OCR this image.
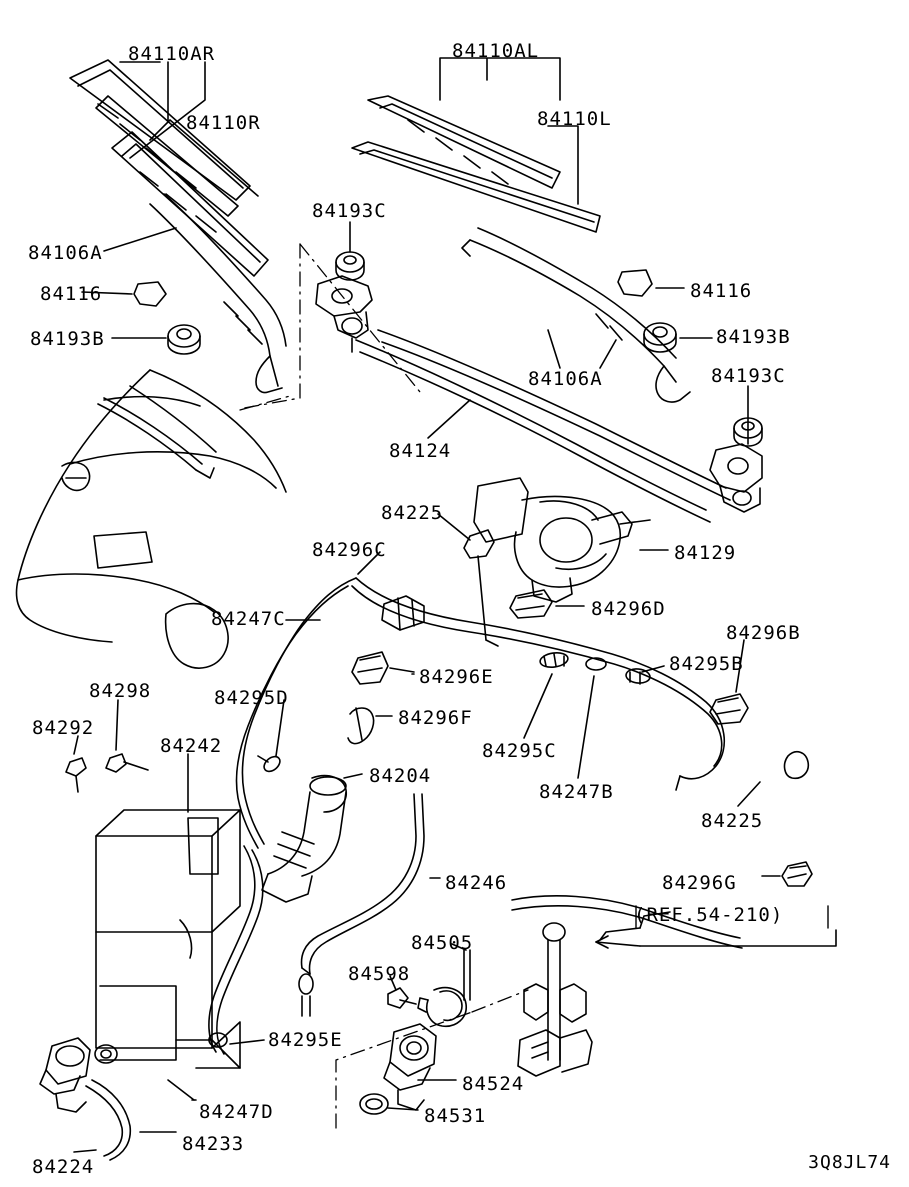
84110AR	84110AL
84110R	84110L
84193C
84106A
84116
84116
84193B	84193B
84106A	84193C
84124
84225
84296C	84129
84296D
84247C
84296B
84295B
84296E
84298	84295D
84296F
84292
84295C
84242
84204
84247B
84225
84246	84296G
84505
84598
84295E
84524
84531
84247D
84233
84224
(REF.54-210)
3Q8JL74
